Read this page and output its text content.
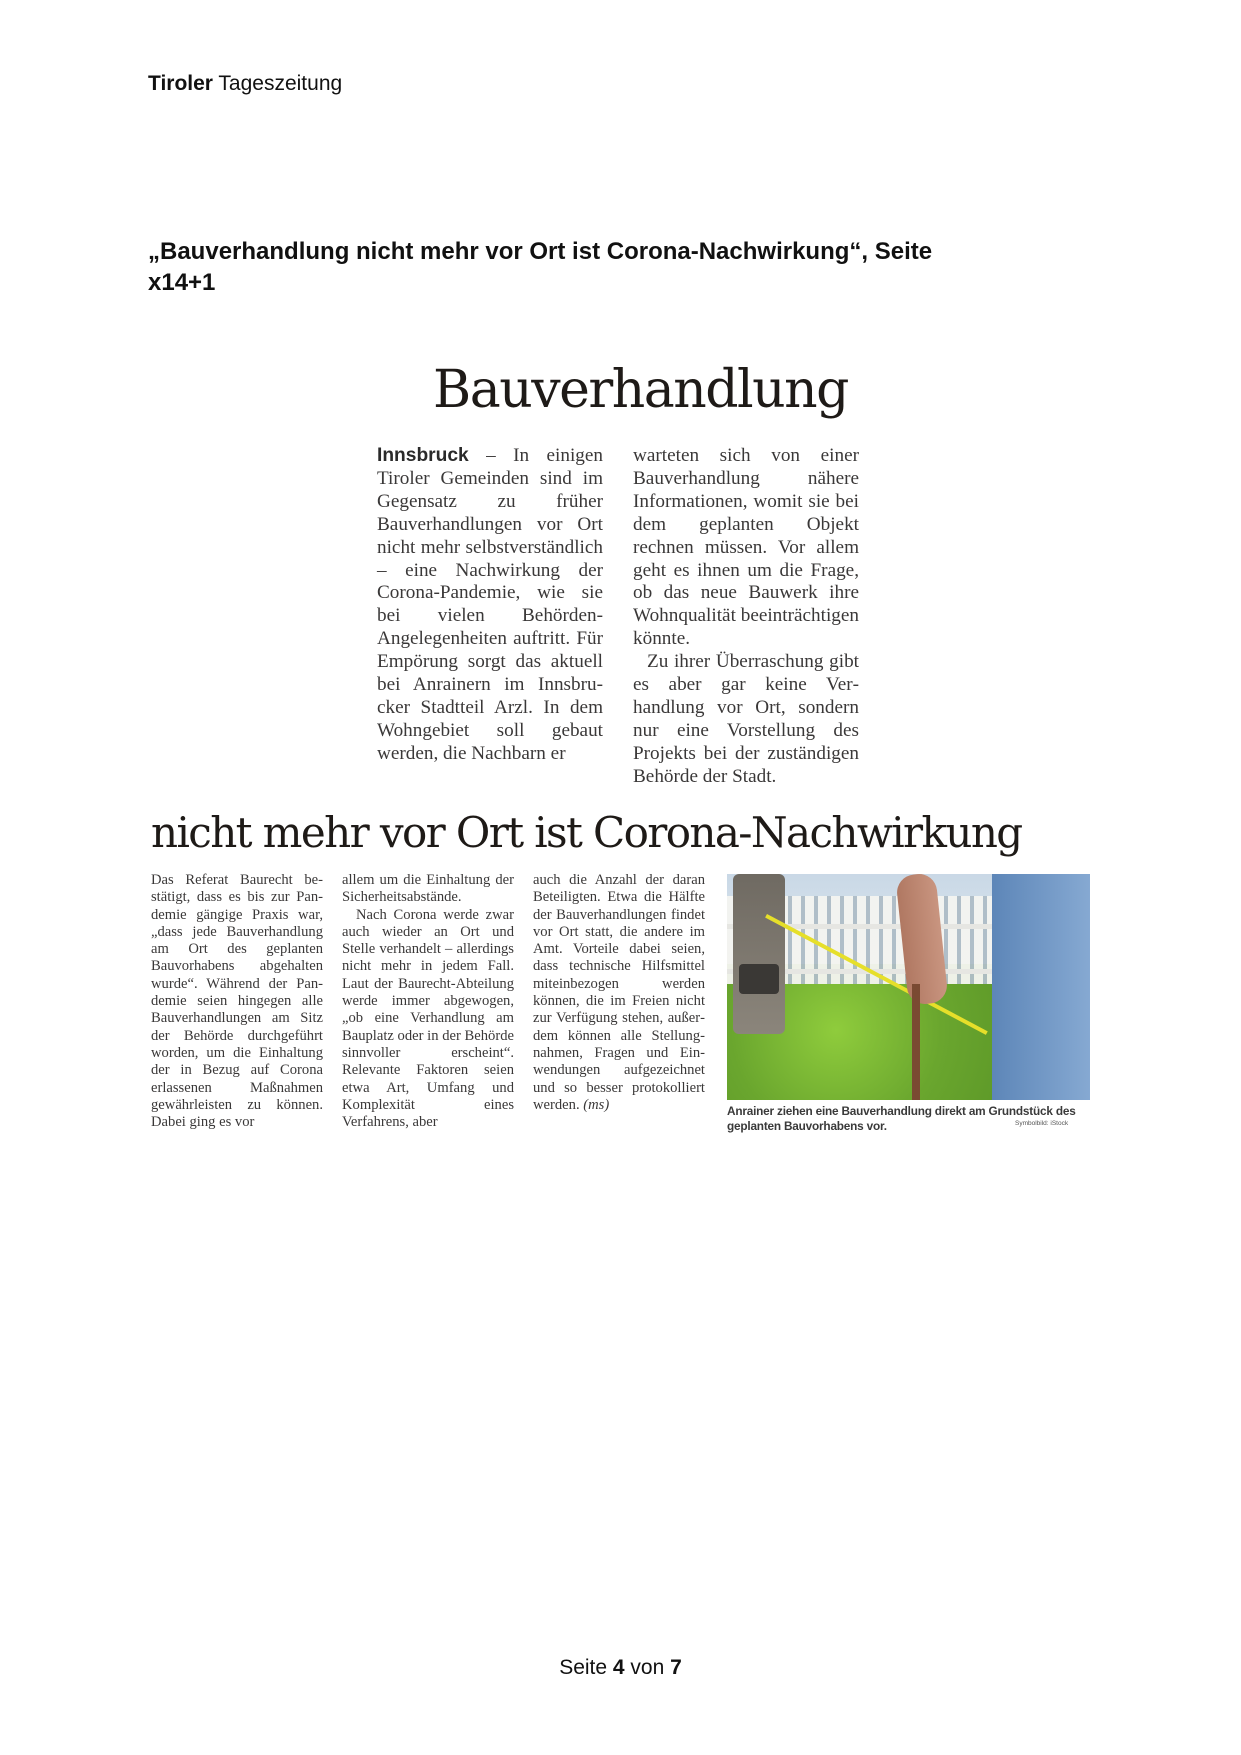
Tiroler Tageszeitung
„Bauverhandlung nicht mehr vor Ort ist Corona-Nachwirkung“, Seite
x14+1
Bauverhandlung
Innsbruck – In einigen Tiroler Gemeinden sind im Gegensatz zu früher Bauverhandlungen vor Ort nicht mehr selbstverständlich – eine Nachwirkung der Corona-Pandemie, wie sie bei vielen Behörden-Angelegenheiten auftritt. Für Empörung sorgt das aktuell bei Anrainern im Innsbrucker Stadtteil Arzl. In dem Wohngebiet soll gebaut werden, die Nachbarn er
warteten sich von einer Bauverhandlung nähere Informationen, womit sie bei dem geplanten Objekt rechnen müssen. Vor allem geht es ihnen um die Frage, ob das neue Bauwerk ihre Wohnqualität beeinträchtigen könnte.
Zu ihrer Überraschung gibt es aber gar keine Verhandlung vor Ort, sondern nur eine Vorstellung des Projekts bei der zuständigen Behörde der Stadt.
nicht mehr vor Ort ist Corona-Nachwirkung
Das Referat Baurecht bestätigt, dass es bis zur Pandemie gängige Praxis war, „dass jede Bauverhandlung am Ort des geplanten Bauvorhabens abgehalten wurde“. Während der Pandemie seien hingegen alle Bauverhandlungen am Sitz der Behörde durchgeführt worden, um die Einhaltung der in Bezug auf Corona erlassenen Maßnahmen gewährleisten zu können. Dabei ging es vor
allem um die Einhaltung der Sicherheitsabstände.
Nach Corona werde zwar auch wieder an Ort und Stelle verhandelt – allerdings nicht mehr in jedem Fall. Laut der Baurecht-Abteilung werde immer abgewogen, „ob eine Verhandlung am Bauplatz oder in der Behörde sinnvoller erscheint“. Relevante Faktoren seien etwa Art, Umfang und Komplexität eines Verfahrens, aber
auch die Anzahl der daran Beteiligten. Etwa die Hälfte der Bauverhandlungen findet vor Ort statt, die andere im Amt. Vorteile dabei seien, dass technische Hilfsmittel miteinbezogen werden können, die im Freien nicht zur Verfügung stehen, außerdem können alle Stellungnahmen, Fragen und Einwendungen aufgezeichnet und so besser protokolliert werden. (ms)	Anrainer ziehen eine Bauverhandlung direkt am Grundstück des geplanten Bauvorhabens vor.	Symbolbild: iStock
Seite 4 von 7
